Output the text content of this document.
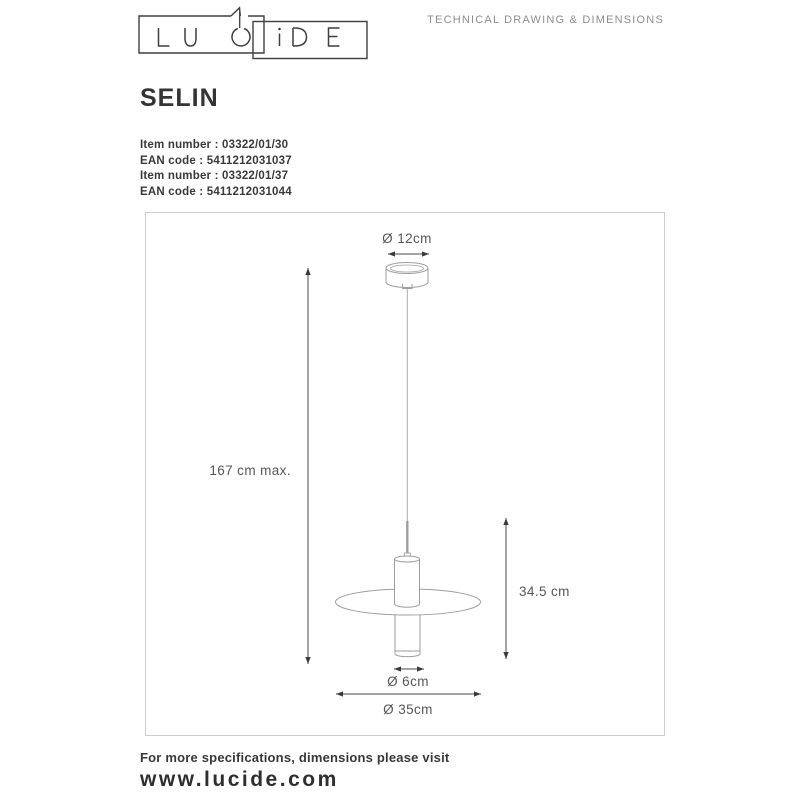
TECHNICAL DRAWING & DIMENSIONS
SELIN
Item number : 03322/01/30
EAN code : 5411212031037
Item number : 03322/01/37
EAN code : 5411212031044
Ø 12cm
167 cm max.
34.5 cm
Ø 6cm
Ø 35cm
For more specifications, dimensions please visit
www.lucide.com
